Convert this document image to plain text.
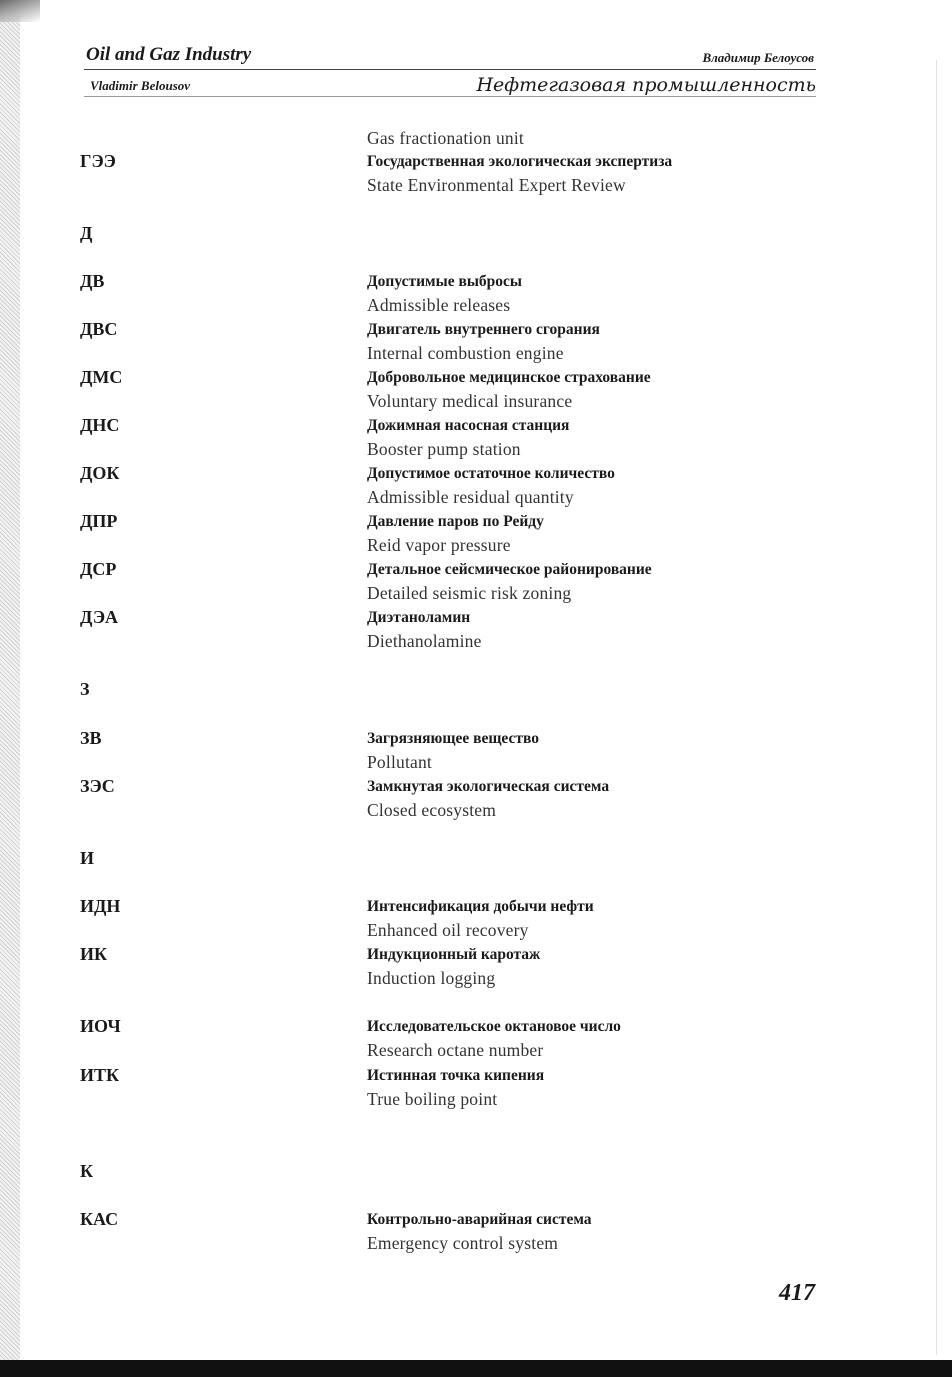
Oil and Gaz Industry	Владимир Белоусов
Vladimir Belousov	Нефтегазовая промышленность
Gas fractionation unit
ГЭЭ	Государственная экологическая экспертиза
State Environmental Expert Review
Д
ДВ	Допустимые выбросы
Admissible releases
ДВС	Двигатель внутреннего сгорания
Internal combustion engine
ДМС	Добровольное медицинское страхование
Voluntary medical insurance
ДНС	Дожимная насосная станция
Booster pump station
ДОК	Допустимое остаточное количество
Admissible residual quantity
ДПР	Давление паров по Рейду
Reid vapor pressure
ДСР	Детальное сейсмическое районирование
Detailed seismic risk zoning
ДЭА	Диэтаноламин
Diethanolamine
З
ЗВ	Загрязняющее вещество
Pollutant
ЗЭС	Замкнутая экологическая система
Closed ecosystem
И
ИДН	Интенсификация добычи нефти
Enhanced oil recovery
ИК	Индукционный каротаж
Induction logging
ИОЧ	Исследовательское октановое число
Research octane number
ИТК	Истинная точка кипения
True boiling point
К
КАС	Контрольно-аварийная система
Emergency control system
417
